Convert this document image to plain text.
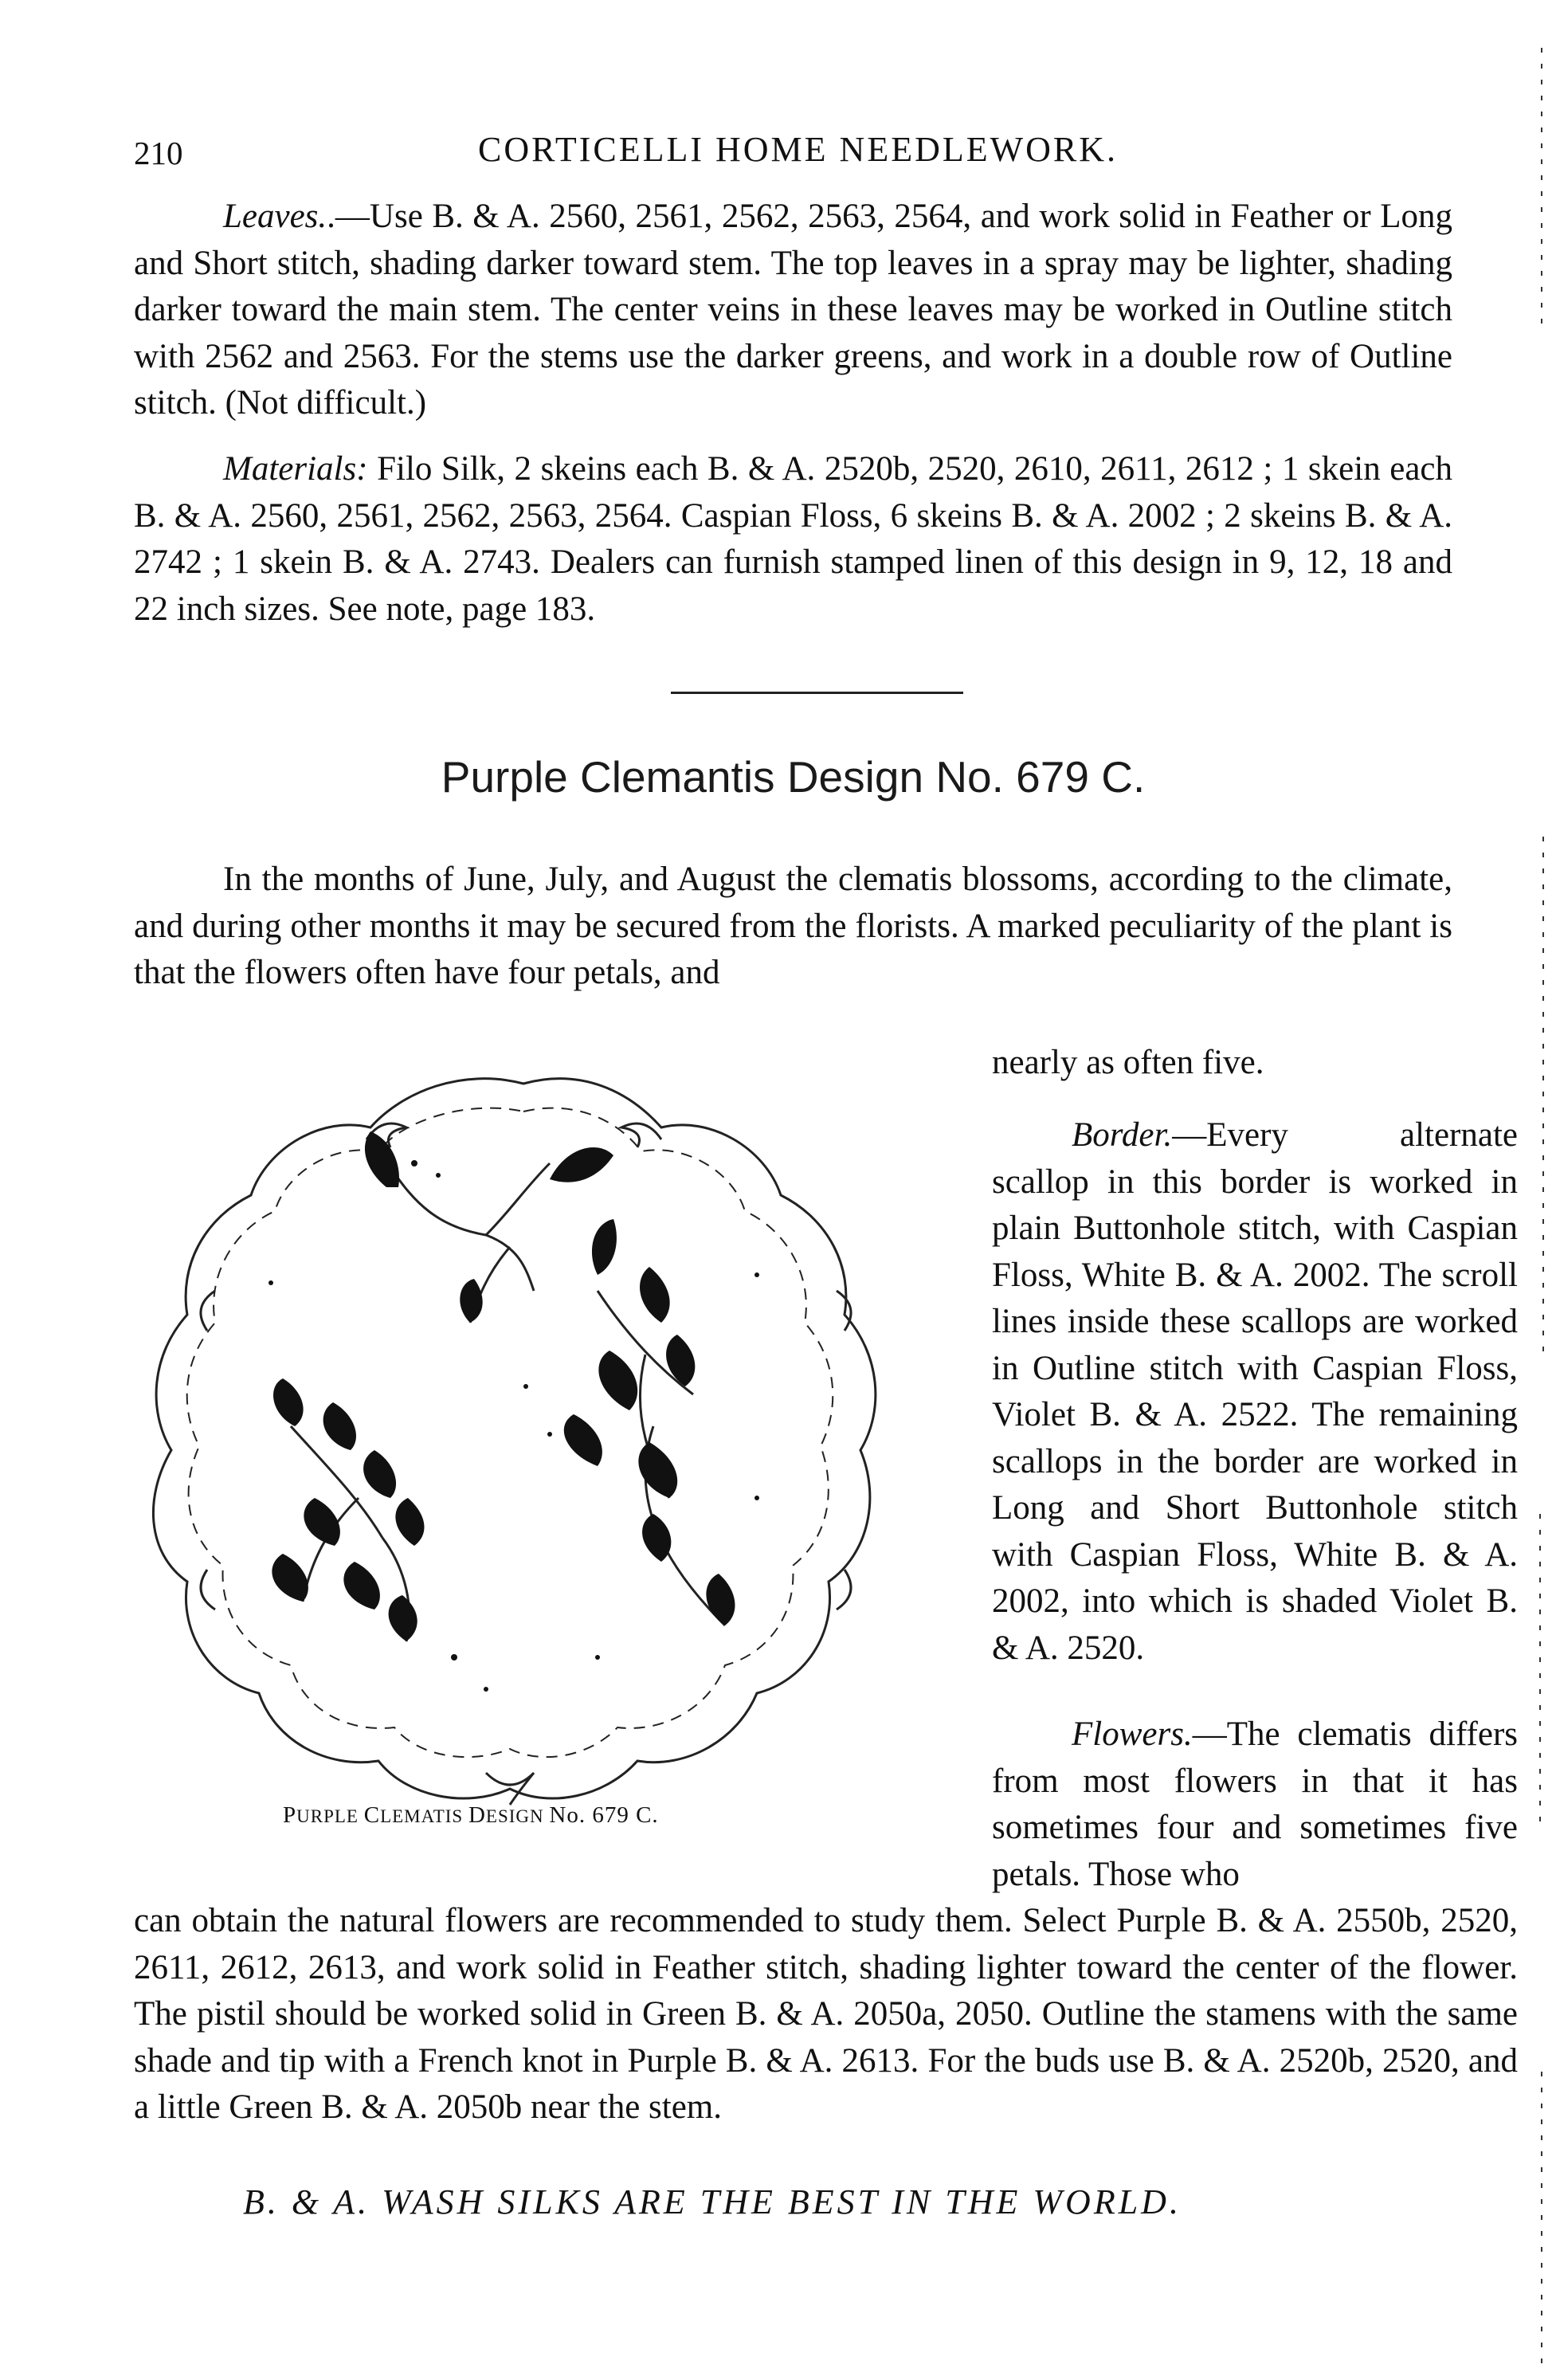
210	CORTICELLI HOME NEEDLEWORK.
Leaves..—Use B. & A. 2560, 2561, 2562, 2563, 2564, and work solid in Feather or Long and Short stitch, shading darker toward stem. The top leaves in a spray may be lighter, shading darker toward the main stem. The center veins in these leaves may be worked in Outline stitch with 2562 and 2563. For the stems use the darker greens, and work in a double row of Outline stitch. (Not difficult.)
Materials: Filo Silk, 2 skeins each B. & A. 2520b, 2520, 2610, 2611, 2612 ; 1 skein each B. & A. 2560, 2561, 2562, 2563, 2564. Caspian Floss, 6 skeins B. & A. 2002 ; 2 skeins B. & A. 2742 ; 1 skein B. & A. 2743. Dealers can furnish stamped linen of this design in 9, 12, 18 and 22 inch sizes. See note, page 183.
Purple Clemantis Design No. 679 C.
In the months of June, July, and August the clematis blossoms, according to the climate, and during other months it may be secured from the florists. A marked peculiarity of the plant is that the flowers often have four petals, and
nearly as often five.
PURPLE CLEMATIS DESIGN No. 679 C.
Border.—Every alternate scallop in this border is worked in plain Buttonhole stitch, with Caspian Floss, White B. & A. 2002. The scroll lines inside these scallops are worked in Outline stitch with Caspian Floss, Violet B. & A. 2522. The remaining scallops in the border are worked in Long and Short Buttonhole stitch with Caspian Floss, White B. & A. 2002, into which is shaded Violet B. & A. 2520.
Flowers.—The clematis differs from most flowers in that it has sometimes four and sometimes five petals. Those who
can obtain the natural flowers are recommended to study them. Select Purple B. & A. 2550b, 2520, 2611, 2612, 2613, and work solid in Feather stitch, shading lighter toward the center of the flower. The pistil should be worked solid in Green B. & A. 2050a, 2050. Outline the stamens with the same shade and tip with a French knot in Purple B. & A. 2613. For the buds use B. & A. 2520b, 2520, and a little Green B. & A. 2050b near the stem.
B. & A. WASH SILKS ARE THE BEST IN THE WORLD.
